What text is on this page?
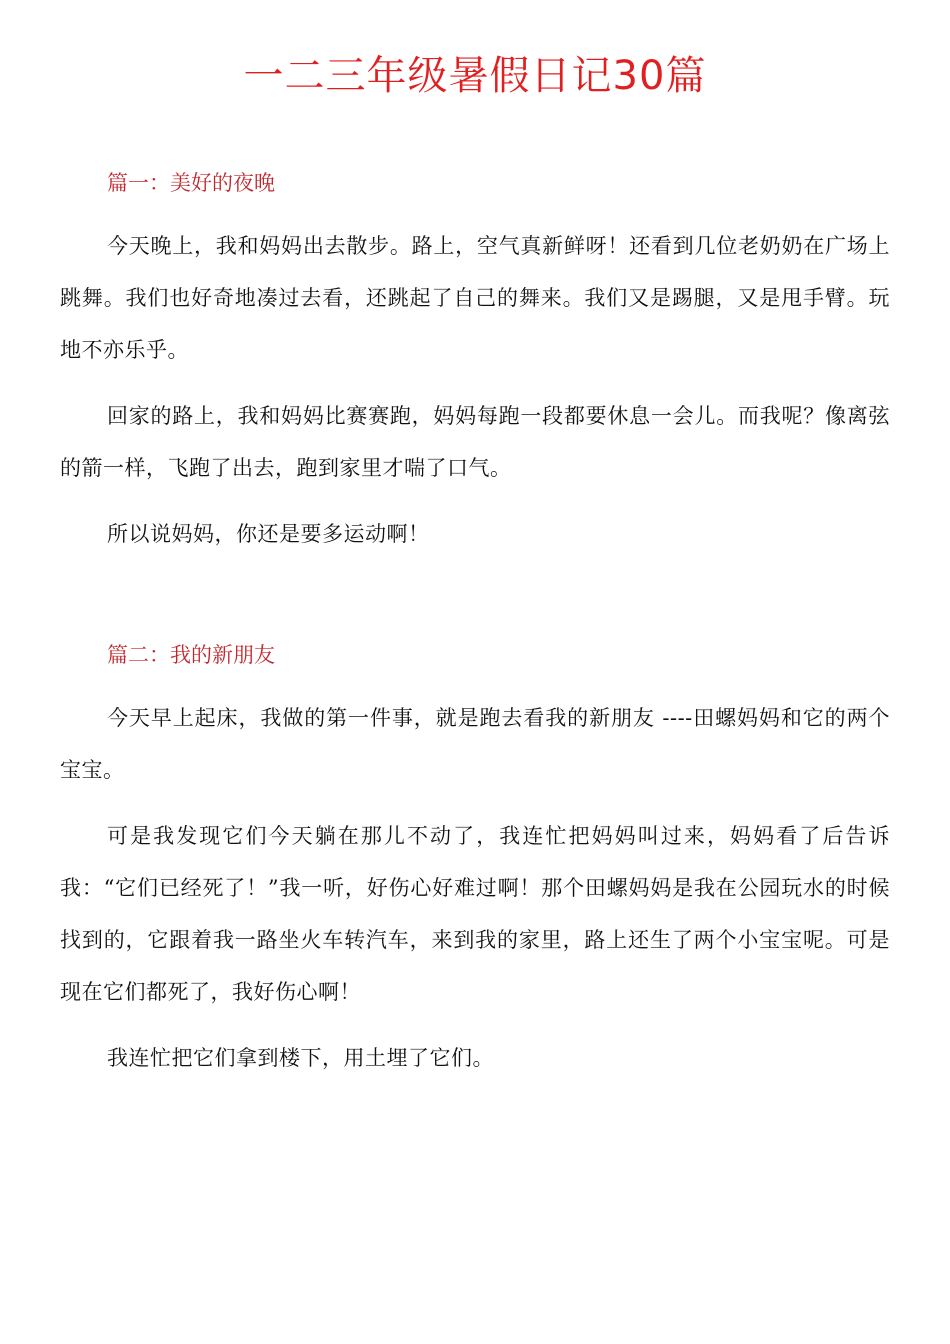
一二三年级暑假日记30篇
篇一：美好的夜晚

今天晚上，我和妈妈出去散步。路上，空气真新鲜呀！还看到几位老奶奶在广场上跳舞。我们也好奇地凑过去看，还跳起了自己的舞来。我们又是踢腿，又是甩手臂。玩地不亦乐乎。

回家的路上，我和妈妈比赛赛跑，妈妈每跑一段都要休息一会儿。而我呢？像离弦的箭一样，飞跑了出去，跑到家里才喘了口气。

所以说妈妈，你还是要多运动啊！

篇二：我的新朋友

今天早上起床，我做的第一件事，就是跑去看我的新朋友 ----田螺妈妈和它的两个宝宝。

可是我发现它们今天躺在那儿不动了，我连忙把妈妈叫过来，妈妈看了后告诉我：“它们已经死了！”我一听，好伤心好难过啊！那个田螺妈妈是我在公园玩水的时候找到的，它跟着我一路坐火车转汽车，来到我的家里，路上还生了两个小宝宝呢。可是现在它们都死了，我好伤心啊！

我连忙把它们拿到楼下，用土埋了它们。
